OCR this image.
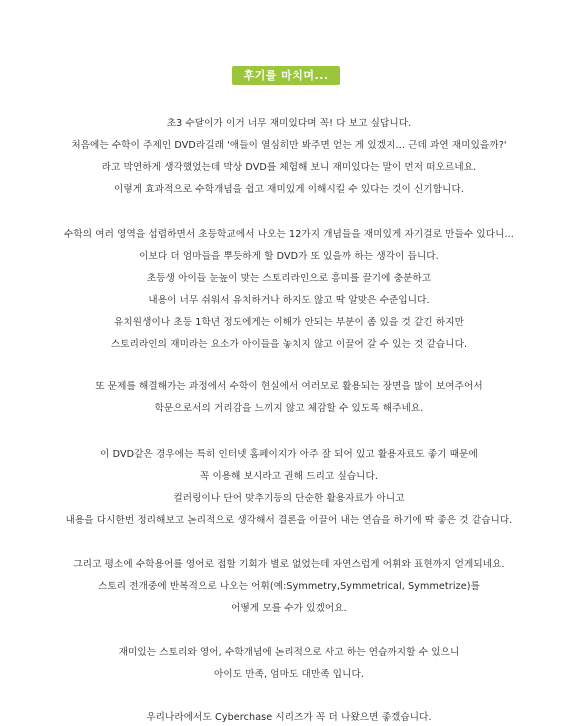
후기를 마치며...
초3 수달이가 이거 너무 재미있다며 꼭! 다 보고 싶답니다.
처음에는 수학이 주제인 DVD라길래 '애들이 열심히만 봐주면 얻는 게 있겠지... 근데 과연 재미있을까?'
라고 막연하게 생각했었는데 막상 DVD를 체험해 보니 재미있다는 말이 먼저 떠오르네요.
이렇게 효과적으로 수학개념을 쉽고 재미있게 이해시킬 수 있다는 것이 신기합니다.
수학의 여러 영역을 섭렵하면서 초등학교에서 나오는 12가지 개념들을 재미있게 자기걸로 만들수 있다니...
이보다 더 엄마들을 뿌듯하게 할 DVD가 또 있을까 하는 생각이 듭니다.
초등생 아이들 눈높이 맞는 스토리라인으로 흥미를 끌기에 충분하고
내용이 너무 쉬워서 유치하거나 하지도 않고 딱 알맞은 수준입니다.
유치원생이나 초등 1학년 정도에게는 이해가 안되는 부분이 좀 있을 것 같긴 하지만
스토리라인의 재미라는 요소가 아이들을 놓치지 않고 이끌어 갈 수 있는 것 같습니다.
또 문제를 해결해가는 과정에서 수학이 현실에서 여러모로 활용되는 장면을 많이 보여주어서
학문으로서의 거리감을 느끼지 않고 체감할 수 있도록 해주네요.
이 DVD같은 경우에는 특히 인터넷 홈페이지가 아주 잘 되어 있고 활용자료도 좋기 때문에
꼭 이용해 보시라고 권해 드리고 싶습니다.
컬러링이나 단어 맞추기등의 단순한 활용자료가 아니고
내용을 다시한번 정리해보고 논리적으로 생각해서 결론을 이끌어 내는 연습을 하기에 딱 좋은 것 같습니다.
그리고 평소에 수학용어를 영어로 접할 기회가 별로 없었는데 자연스럽게 어휘와 표현까지 얻게되네요.
스토리 전개중에 반복적으로 나오는 어휘(예:Symmetry,Symmetrical, Symmetrize)를
어떻게 모를 수가 있겠어요.
재미있는 스토리와 영어, 수학개념에 논리적으로 사고 하는 연습까지할 수 있으니
아이도 만족, 엄마도 대만족 입니다.
우리나라에서도 Cyberchase 시리즈가 꼭 더 나왔으면 좋겠습니다.
